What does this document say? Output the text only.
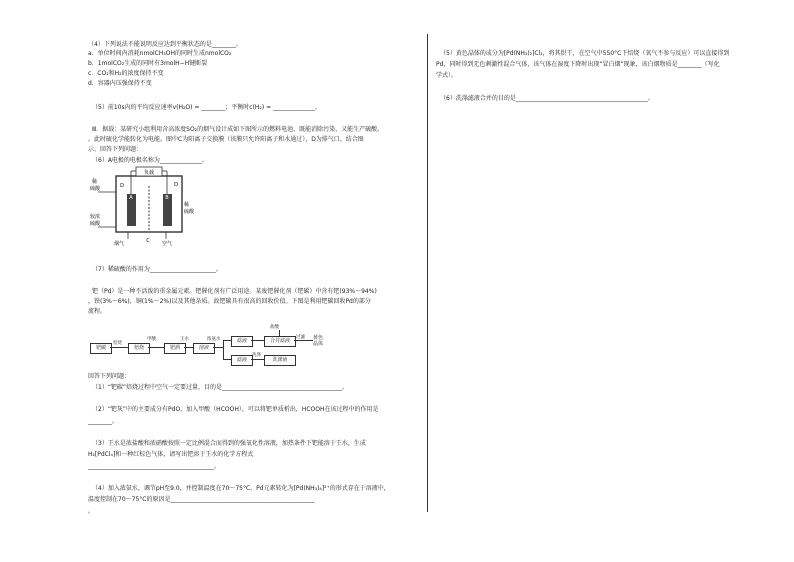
（4）下列说法不能说明反应达到平衡状态的是________。
a．单位时间内消耗nmolCH₃OH的同时生成nmolCO₂
b．1molCO₂生成的同时有3molH−H键断裂
c．CO₂和H₂的浓度保持不变
d．容器内压强保持不变
（5）前10s内的平均反应速率v(H₂O) = ________；平衡时c(H₂) = ______________。
Ⅲ．据载：某研究小组利用含高浓度SO₂的烟气设计成如下图所示的燃料电池，既能消除污染，又能生产硫酸。
。此时硫化学能转化为电能。图中C为阳离子交换膜（该膜只允许阳离子和水通过），D为排气口。结合图
示，回答下列问题：
（6）A电极的电极名称为______________。
负载
A	B
C
D
D
稀
硫酸
较浓
硫酸
稀
硫酸
烟气	空气
（7）稀硫酸的作用为______________________。
钯（Pd）是一种不活泼的重金属元素。钯催化剂有广泛用途。某废钯催化剂（钯碳）中含有钯(93%～94%)
，铁(3%～6%)，铜(1%～2%)以及其他杂质。故钯碳具有很高的回收价值。下图是利用钯碳回收Pd的部分
流程。
钯碳	焙烧	钯酒	溶液
滤液	合并滤液
滤液	洗涤液
黄色晶体
焙烧
甲酸	王水	浓氨水
盐酸
过滤
洗涤
回答下列问题：
（1）“钯碳”焙烧过程中空气一定要过量，目的是________________________________________。
（2）“钯灰”中的主要成分有PdO，加入甲酸（HCOOH），可以将钯单质析出，HCOOH在该过程中的作用是
________。
（3）王水是浓盐酸和浓硝酸按照一定比例混合而得到的强氧化性溶液，加热条件下钯能溶于王水，生成
H₂[PdCl₄]和一种红棕色气体，请写出钯溶于王水的化学方程式
__________________________________________。
（4）加入浓氨水，调节pH至9.0，并控制温度在70～75°C，Pd元素转化为[Pd(NH₃)₄]²⁺的形式存在于溶液中，
温度控制在70～75°C的原因是________________________________________________
。
（5）黄色晶体的成分为[Pd(NH₃)₂]Cl₂，将其烘干，在空气中550°C下焙烧（氧气不参与反应）可以直接得到
Pd，同时得到无色刺激性混合气体，该气体在湿度下降时出现“冒白烟”现象，该白烟物质是________（写化
学式）。
（6）洗涤滤液合并的目的是____________________________________________。
